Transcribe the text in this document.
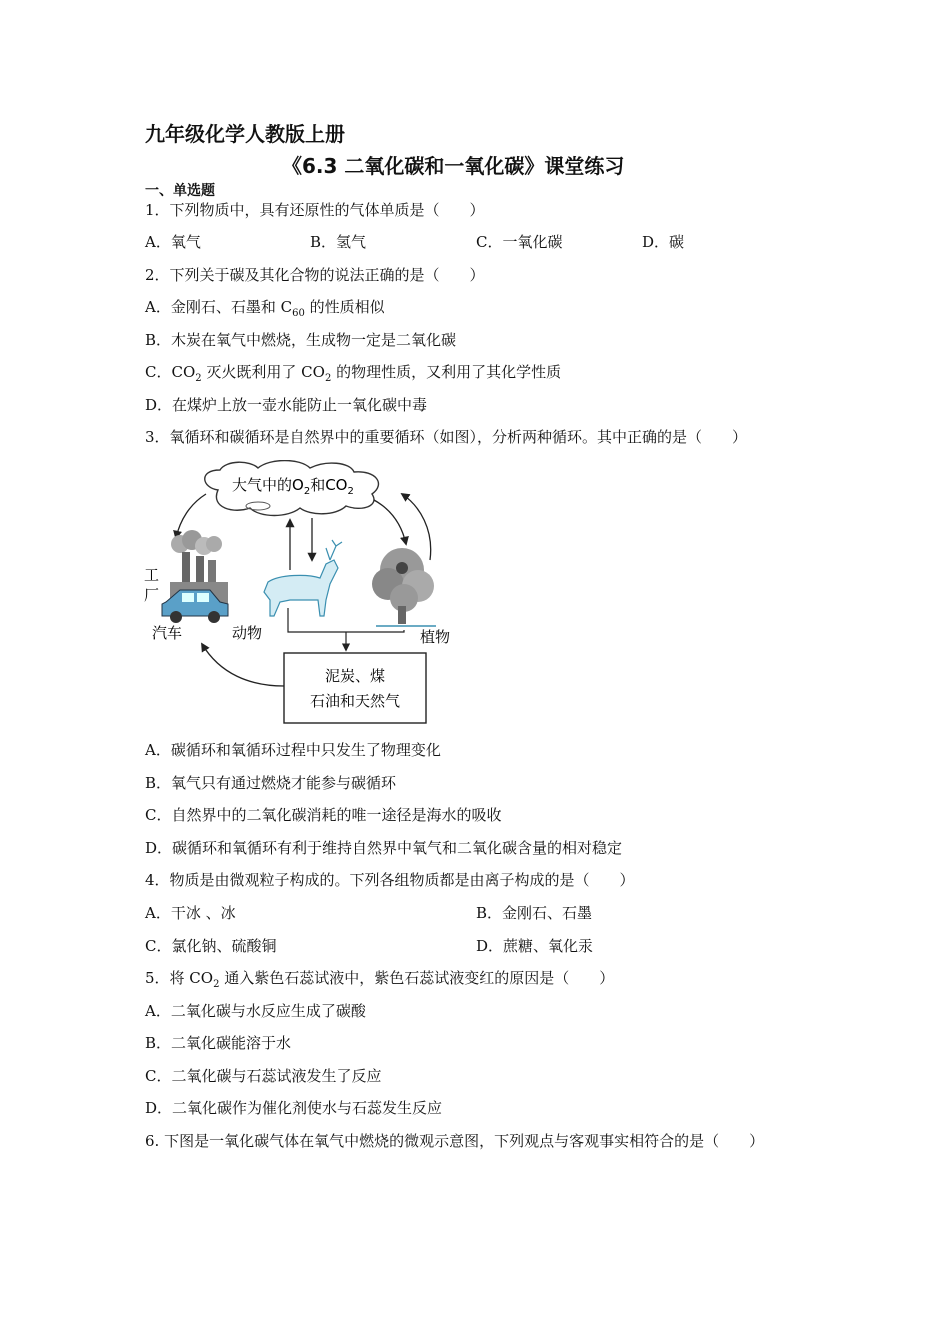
九年级化学人教版上册
《6.3 二氧化碳和一氧化碳》课堂练习
一、单选题
1．下列物质中，具有还原性的气体单质是（　　）
A．氧气	B．氢气	C．一氧化碳	D．碳
2．下列关于碳及其化合物的说法正确的是（　　）
A．金刚石、石墨和 $C_{60}$ 的性质相似
B．木炭在氧气中燃烧，生成物一定是二氧化碳
C．$CO_2$ 灭火既利用了 $CO_2$ 的物理性质，又利用了其化学性质
D．在煤炉上放一壶水能防止一氧化碳中毒
3．氧循环和碳循环是自然界中的重要循环（如图），分析两种循环。其中正确的是（　　）
大气中的$O_2$和$CO_2$
工
厂
汽车	动物	植物
泥炭、煤
石油和天然气
A．碳循环和氧循环过程中只发生了物理变化
B．氧气只有通过燃烧才能参与碳循环
C．自然界中的二氧化碳消耗的唯一途径是海水的吸收
D．碳循环和氧循环有利于维持自然界中氧气和二氧化碳含量的相对稳定
4．物质是由微观粒子构成的。下列各组物质都是由离子构成的是（　　）
A．干冰 、冰	B．金刚石、石墨
C．氯化钠、硫酸铜	D．蔗糖、氧化汞
5．将 $CO_2$ 通入紫色石蕊试液中，紫色石蕊试液变红的原因是（　　）
A．二氧化碳与水反应生成了碳酸
B．二氧化碳能溶于水
C．二氧化碳与石蕊试液发生了反应
D．二氧化碳作为催化剂使水与石蕊发生反应
6. 下图是一氧化碳气体在氧气中燃烧的微观示意图，下列观点与客观事实相符合的是（　　）
